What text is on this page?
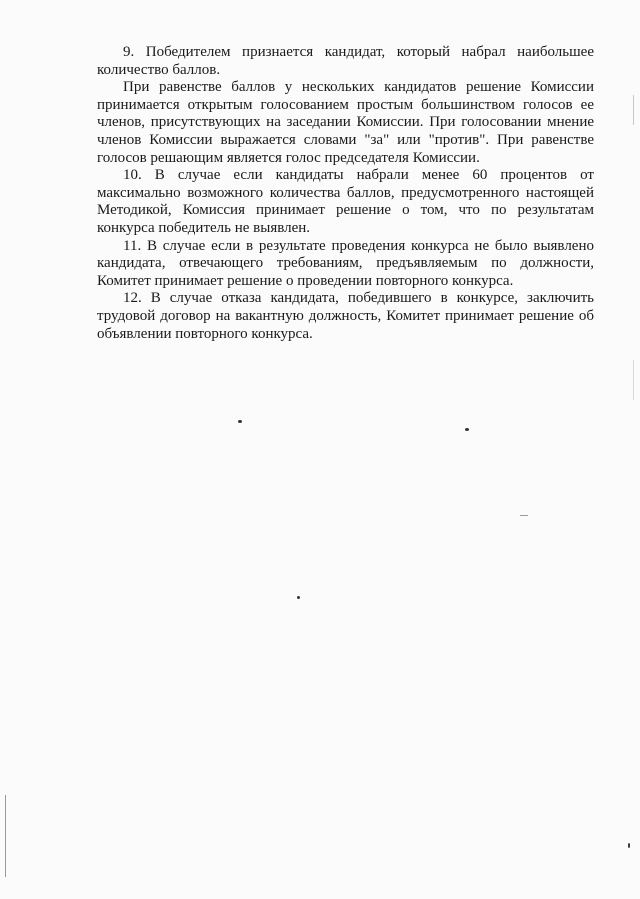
9. Победителем признается кандидат, который набрал наибольшее количество баллов.

При равенстве баллов у нескольких кандидатов решение Комиссии принимается открытым голосованием простым большинством голосов ее членов, присутствующих на заседании Комиссии. При голосовании мнение членов Комиссии выражается словами "за" или "против". При равенстве голосов решающим является голос председателя Комиссии.

10. В случае если кандидаты набрали менее 60 процентов от максимально возможного количества баллов, предусмотренного настоящей Методикой, Комиссия принимает решение о том, что по результатам конкурса победитель не выявлен.

11. В случае если в результате проведения конкурса не было выявлено кандидата, отвечающего требованиям, предъявляемым по должности, Комитет принимает решение о проведении повторного конкурса.

12. В случае отказа кандидата, победившего в конкурсе, заключить трудовой договор на вакантную должность, Комитет принимает решение об объявлении повторного конкурса.
